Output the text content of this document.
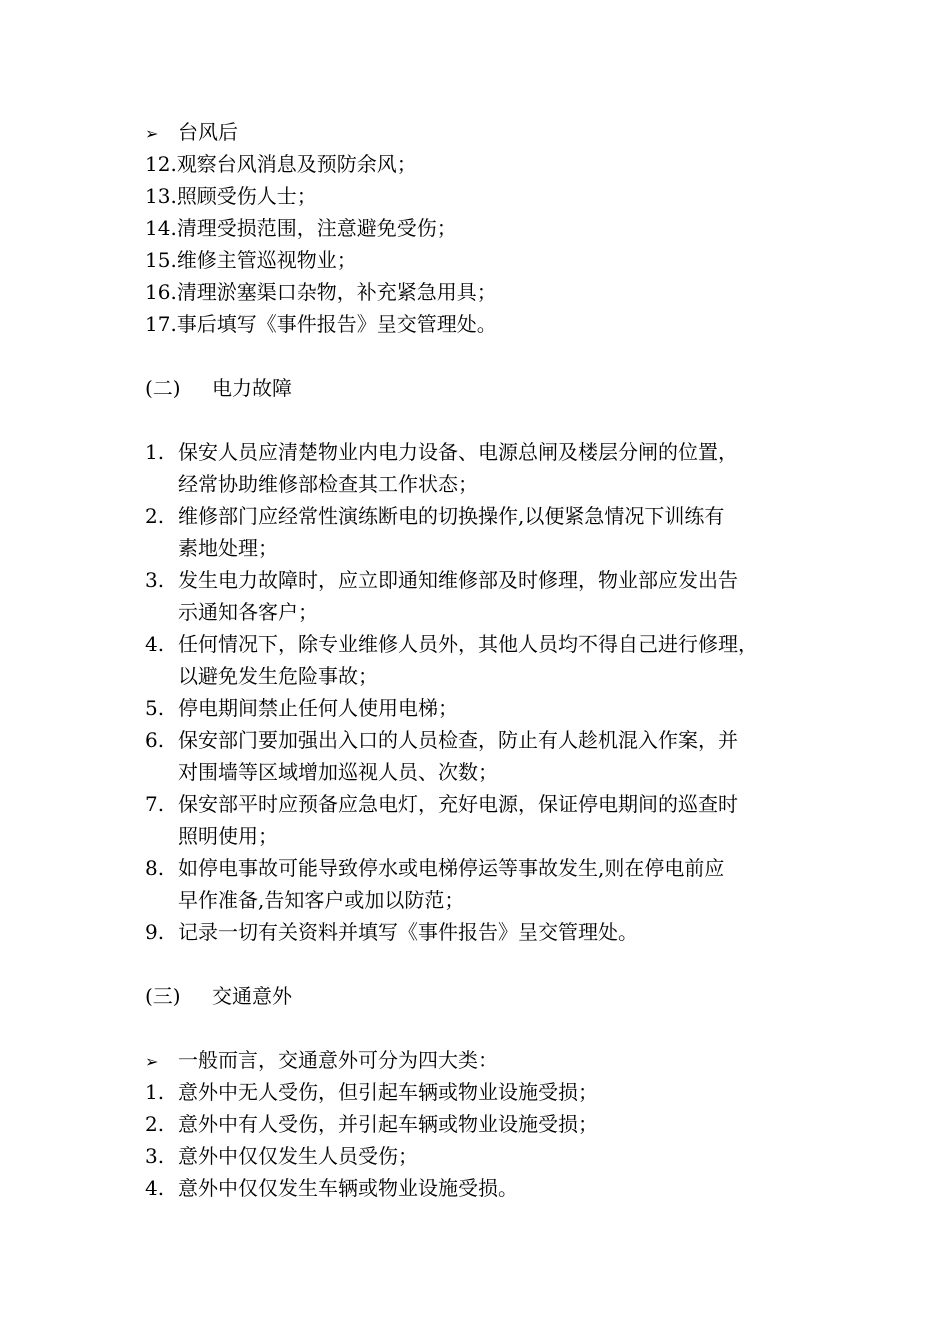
➢ 台风后
12.观察台风消息及预防余风；
13.照顾受伤人士；
14.清理受损范围，注意避免受伤；
15.维修主管巡视物业；
16.清理淤塞渠口杂物，补充紧急用具；
17.事后填写《事件报告》呈交管理处。
(二) 电力故障
1. 保安人员应清楚物业内电力设备、电源总闸及楼层分闸的位置，
经常协助维修部检查其工作状态；
2. 维修部门应经常性演练断电的切换操作,以便紧急情况下训练有
素地处理；
3. 发生电力故障时，应立即通知维修部及时修理，物业部应发出告
示通知各客户；
4. 任何情况下，除专业维修人员外，其他人员均不得自己进行修理，
以避免发生危险事故；
5. 停电期间禁止任何人使用电梯；
6. 保安部门要加强出入口的人员检查，防止有人趁机混入作案，并
对围墙等区域增加巡视人员、次数；
7. 保安部平时应预备应急电灯，充好电源，保证停电期间的巡查时
照明使用；
8. 如停电事故可能导致停水或电梯停运等事故发生,则在停电前应
早作准备,告知客户或加以防范；
9. 记录一切有关资料并填写《事件报告》呈交管理处。
(三) 交通意外
➢ 一般而言，交通意外可分为四大类：
1. 意外中无人受伤，但引起车辆或物业设施受损；
2. 意外中有人受伤，并引起车辆或物业设施受损；
3. 意外中仅仅发生人员受伤；
4. 意外中仅仅发生车辆或物业设施受损。
